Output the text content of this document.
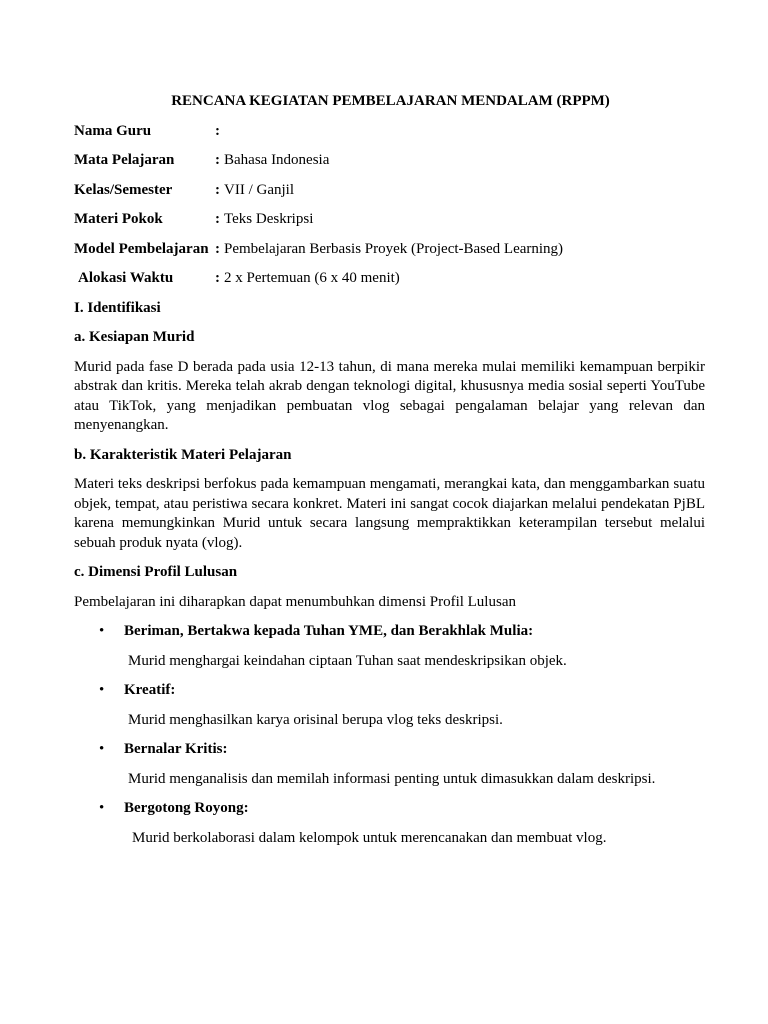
RENCANA KEGIATAN PEMBELAJARAN MENDALAM (RPPM)
Nama Guru	:
Mata Pelajaran	: Bahasa Indonesia
Kelas/Semester	: VII / Ganjil
Materi Pokok	: Teks Deskripsi
Model Pembelajaran : Pembelajaran Berbasis Proyek (Project-Based Learning)
Alokasi Waktu	: 2 x Pertemuan (6 x 40 menit)
I. Identifikasi
a. Kesiapan Murid
Murid pada fase D berada pada usia 12-13 tahun, di mana mereka mulai memiliki kemampuan berpikir abstrak dan kritis. Mereka telah akrab dengan teknologi digital, khususnya media sosial seperti YouTube atau TikTok, yang menjadikan pembuatan vlog sebagai pengalaman belajar yang relevan dan menyenangkan.
b. Karakteristik Materi Pelajaran
Materi teks deskripsi berfokus pada kemampuan mengamati, merangkai kata, dan menggambarkan suatu objek, tempat, atau peristiwa secara konkret. Materi ini sangat cocok diajarkan melalui pendekatan PjBL karena memungkinkan Murid untuk secara langsung mempraktikkan keterampilan tersebut melalui sebuah produk nyata (vlog).
c. Dimensi Profil Lulusan
Pembelajaran ini diharapkan dapat menumbuhkan dimensi Profil Lulusan
• Beriman, Bertakwa kepada Tuhan YME, dan Berakhlak Mulia:
Murid menghargai keindahan ciptaan Tuhan saat mendeskripsikan objek.
• Kreatif:
Murid menghasilkan karya orisinal berupa vlog teks deskripsi.
• Bernalar Kritis:
Murid menganalisis dan memilah informasi penting untuk dimasukkan dalam deskripsi.
• Bergotong Royong:
Murid berkolaborasi dalam kelompok untuk merencanakan dan membuat vlog.
